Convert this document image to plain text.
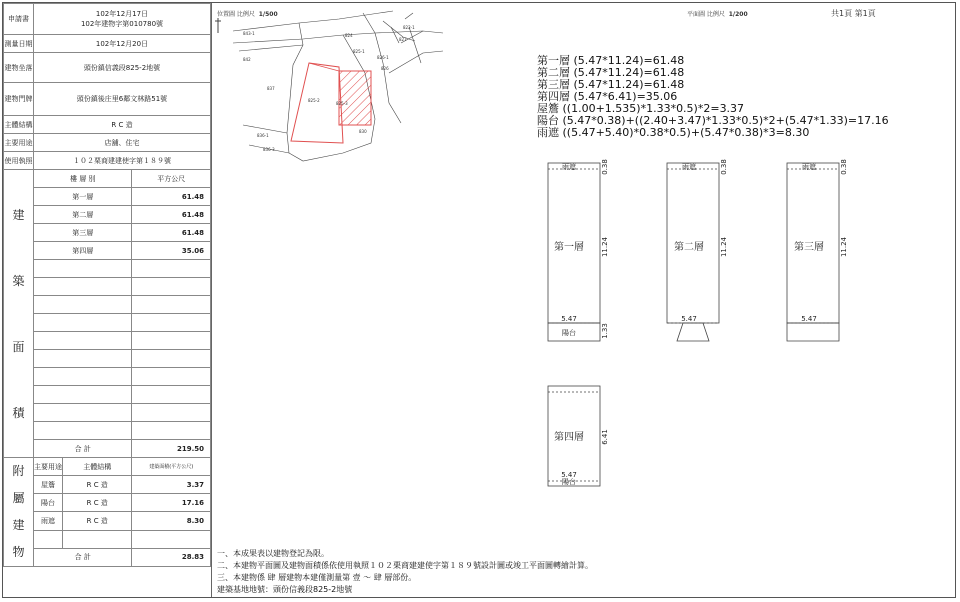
申請書	102年12月17日
102年建物字第010780號		

測量日期	102年12月20日		
建物坐落	頭份鎮信義段825-2地號		
建物門牌	頭份鎮後庄里6鄰文林路51號		
主體結構	R C 造		
主要用途	店舖、住宅		
使用執照	１０２栗商建建使字第１８９號		

建
築
面
積	樓 層 別		平方公尺
	第一層		61.48
	第二層		61.48
	第三層		61.48
	第四層		35.06

	合 計		219.50

附
屬
建
物	主要用途	主體結構	建築面積(平方公尺)
	屋簷	R C 造	3.37
	陽台	R C 造	17.16
	雨遮	R C 造	8.30

	合 計		28.83
位置圖 比例尺 1/500	平面圖 比例尺 1/200	共1頁 第1頁
825-2
825-3
824
827
825-1
826-1
826
842
837
830
836-1
836-3
843-1
822-1
第一層	第二層	第三層
第四層
雨遮	雨遮	雨遮
陽台
陽台
5.47	5.47	5.47
5.47
11.24	11.24	11.24
6.41
0.38	0.38	0.38
1.33
第一層 (5.47*11.24)=61.48
第二層 (5.47*11.24)=61.48
第三層 (5.47*11.24)=61.48
第四層 (5.47*6.41)=35.06
屋簷 ((1.00+1.535)*1.33*0.5)*2=3.37
陽台 (5.47*0.38)+((2.40+3.47)*1.33*0.5)*2+(5.47*1.33)=17.16
雨遮 ((5.47+5.40)*0.38*0.5)+(5.47*0.38)*3=8.30
一、本成果表以建物登記為限。
二、本建物平面圖及建物面積係依使用執照１０２栗商建建使字第１８９號設計圖或竣工平面圖轉繪計算。
三、本建物係 肆 層建物本建僅測量第 壹 ～ 肆 層部份。
建築基地地號：頭份信義段825-2地號
